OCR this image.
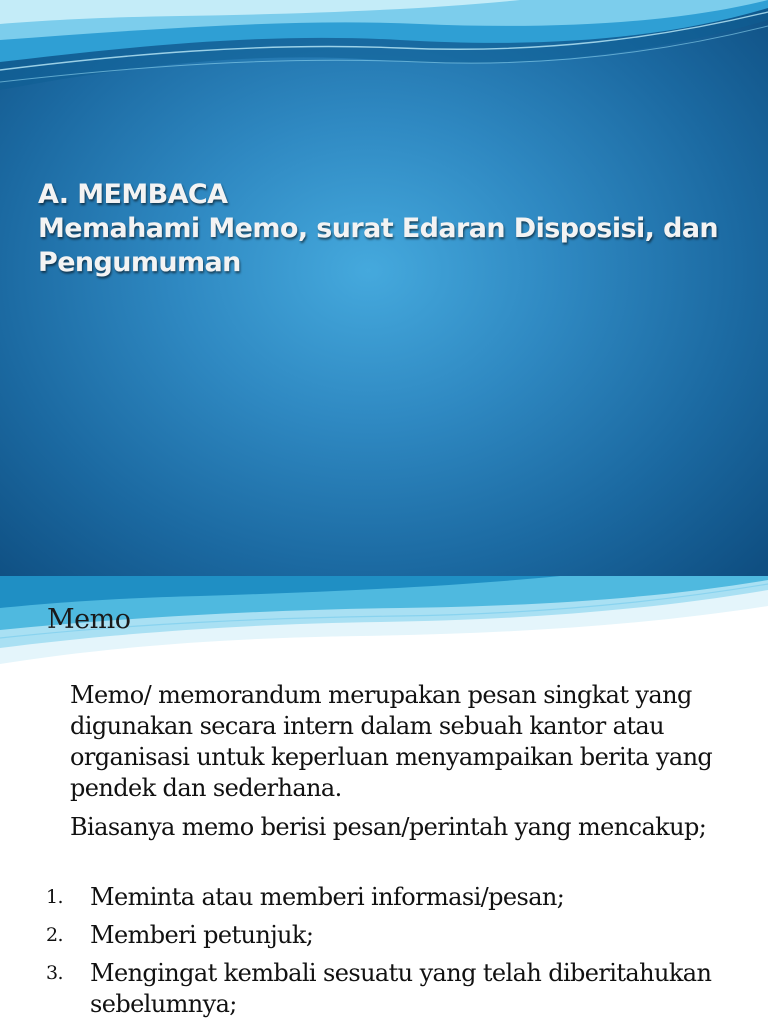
A. MEMBACA
Memahami Memo, surat Edaran Disposisi, dan
Pengumuman
Memo

Memo/ memorandum merupakan pesan singkat yang digunakan secara intern dalam sebuah kantor atau organisasi untuk keperluan menyampaikan berita yang pendek dan sederhana.

Biasanya memo berisi pesan/perintah yang mencakup;

1.	Meminta atau memberi informasi/pesan;
2.	Memberi petunjuk;
3.	Mengingat kembali sesuatu yang telah diberitahukan sebelumnya;
